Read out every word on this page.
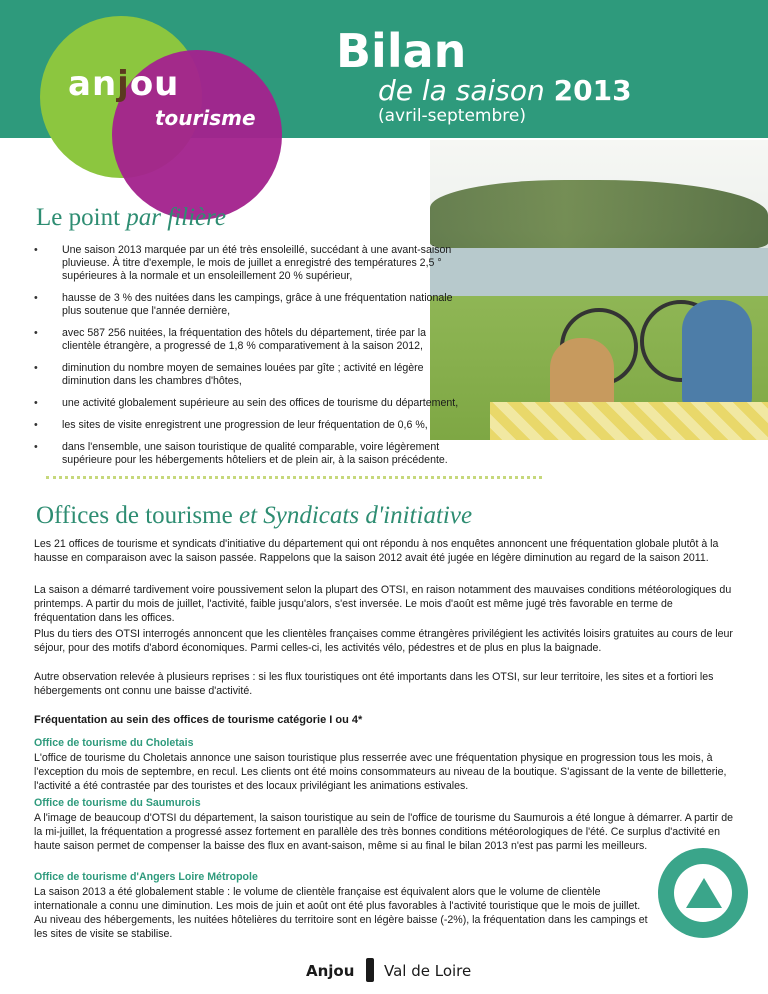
anjou
tourisme
Bilan
de la saison 2013
(avril-septembre)
Le point par filière
• Une saison 2013 marquée par un été très ensoleillé, succédant à une avant-saison pluvieuse. À titre d'exemple, le mois de juillet a enregistré des températures 2,5 ° supérieures à la normale et un ensoleillement 20 % supérieur,
• hausse de 3 % des nuitées dans les campings, grâce à une fréquentation nationale plus soutenue que l'année dernière,
• avec 587 256 nuitées, la fréquentation des hôtels du département, tirée par la clientèle étrangère, a progressé de 1,8 % comparativement à la saison 2012,
• diminution du nombre moyen de semaines louées par gîte ; activité en légère diminution dans les chambres d'hôtes,
• une activité globalement supérieure au sein des offices de tourisme du département,
• les sites de visite enregistrent une progression de leur fréquentation de 0,6 %,
• dans l'ensemble, une saison touristique de qualité comparable, voire légèrement supérieure pour les hébergements hôteliers et de plein air, à la saison précédente.
Offices de tourisme et Syndicats d'initiative

Les 21 offices de tourisme et syndicats d'initiative du département qui ont répondu à nos enquêtes annoncent une fréquentation globale plutôt à la hausse en comparaison avec la saison passée. Rappelons que la saison 2012 avait été jugée en légère diminution au regard de la saison 2011.

La saison a démarré tardivement voire poussivement selon la plupart des OTSI, en raison notamment des mauvaises conditions météorologiques du printemps. A partir du mois de juillet, l'activité, faible jusqu'alors, s'est inversée. Le mois d'août est même jugé très favorable en terme de fréquentation dans les offices.

Plus du tiers des OTSI interrogés annoncent que les clientèles françaises comme étrangères privilégient les activités loisirs gratuites au cours de leur séjour, pour des motifs d'abord économiques. Parmi celles-ci, les activités vélo, pédestres et de plus en plus la baignade.

Autre observation relevée à plusieurs reprises : si les flux touristiques ont été importants dans les OTSI, sur leur territoire, les sites et a fortiori les hébergements ont connu une baisse d'activité.

Fréquentation au sein des offices de tourisme catégorie I ou 4*

Office de tourisme du Choletais

L'office de tourisme du Choletais annonce une saison touristique plus resserrée avec une fréquentation physique en progression tous les mois, à l'exception du mois de septembre, en recul. Les clients ont été moins consommateurs au niveau de la boutique. S'agissant de la vente de billetterie, l'activité a été contrastée par des touristes et des locaux privilégiant les animations estivales.

Office de tourisme du Saumurois

A l'image de beaucoup d'OTSI du département, la saison touristique au sein de l'office de tourisme du Saumurois a été longue à démarrer. A partir de la mi-juillet, la fréquentation a progressé assez fortement en parallèle des très bonnes conditions météorologiques de l'été. Ce surplus d'activité en haute saison permet de compenser la baisse des flux en avant-saison, même si au final le bilan 2013 n'est pas parmi les meilleurs.

Office de tourisme d'Angers Loire Métropole

La saison 2013 a été globalement stable : le volume de clientèle française est équivalent alors que le volume de clientèle internationale a connu une diminution. Les mois de juin et août ont été plus favorables à l'activité touristique que le mois de juillet. Au niveau des hébergements, les nuitées hôtelières du territoire sont en légère baisse (-2%), la fréquentation dans les campings et les sites de visite se stabilise.

Anjou Val de Loire
